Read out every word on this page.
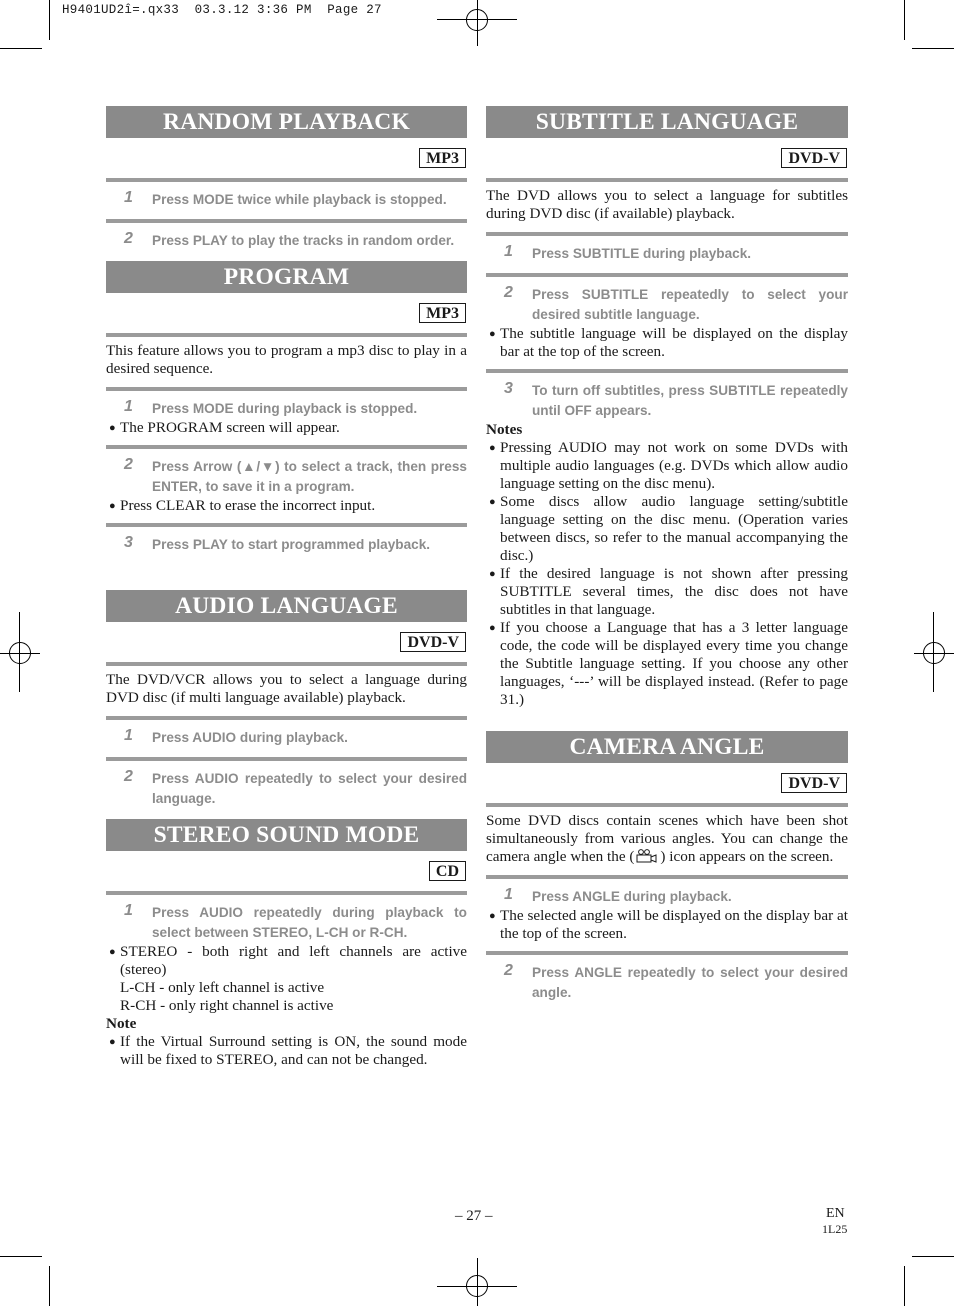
H9401UD2î=.qx33  03.3.12 3:36 PM  Page 27
RANDOM PLAYBACK
MP3
1 Press MODE twice while playback is stopped.
2 Press PLAY to play the tracks in random order.
PROGRAM
MP3
This feature allows you to program a mp3 disc to play in a desired sequence.
1 Press MODE during playback is stopped.
● The PROGRAM screen will appear.
2 Press Arrow (▲/▼) to select a track, then press ENTER, to save it in a program.
● Press CLEAR to erase the incorrect input.
3 Press PLAY to start programmed playback.
AUDIO LANGUAGE
DVD-V
The DVD/VCR allows you to select a language during DVD disc (if multi language available) playback.
1 Press AUDIO during playback.
2 Press AUDIO repeatedly to select your desired language.
STEREO SOUND MODE
CD
1 Press AUDIO repeatedly during playback to select between STEREO, L-CH or R-CH.
● STEREO - both right and left channels are active (stereo)
L-CH - only left channel is active
R-CH - only right channel is active
Note
● If the Virtual Surround setting is ON, the sound mode will be fixed to STEREO, and can not be changed.
SUBTITLE LANGUAGE
DVD-V
The DVD allows you to select a language for subtitles during DVD disc (if available) playback.
1 Press SUBTITLE during playback.
2 Press SUBTITLE repeatedly to select your desired subtitle language.
● The subtitle language will be displayed on the display bar at the top of the screen.
3 To turn off subtitles, press SUBTITLE repeatedly until OFF appears.
Notes
● Pressing AUDIO may not work on some DVDs with multiple audio languages (e.g. DVDs which allow audio language setting on the disc menu).
● Some discs allow audio language setting/subtitle language setting on the disc menu. (Operation varies between discs, so refer to the manual accompanying the disc.)
● If the desired language is not shown after pressing SUBTITLE several times, the disc does not have subtitles in that language.
● If you choose a Language that has a 3 letter language code, the code will be displayed every time you change the Subtitle language setting. If you choose any other languages, ‘---’ will be displayed instead. (Refer to page 31.)
CAMERA ANGLE
DVD-V
Some DVD discs contain scenes which have been shot simultaneously from various angles. You can change the camera angle when the ( ) icon appears on the screen.
1 Press ANGLE during playback.
● The selected angle will be displayed on the display bar at the top of the screen.
2 Press ANGLE repeatedly to select your desired angle.
– 27 –	EN
1L25
